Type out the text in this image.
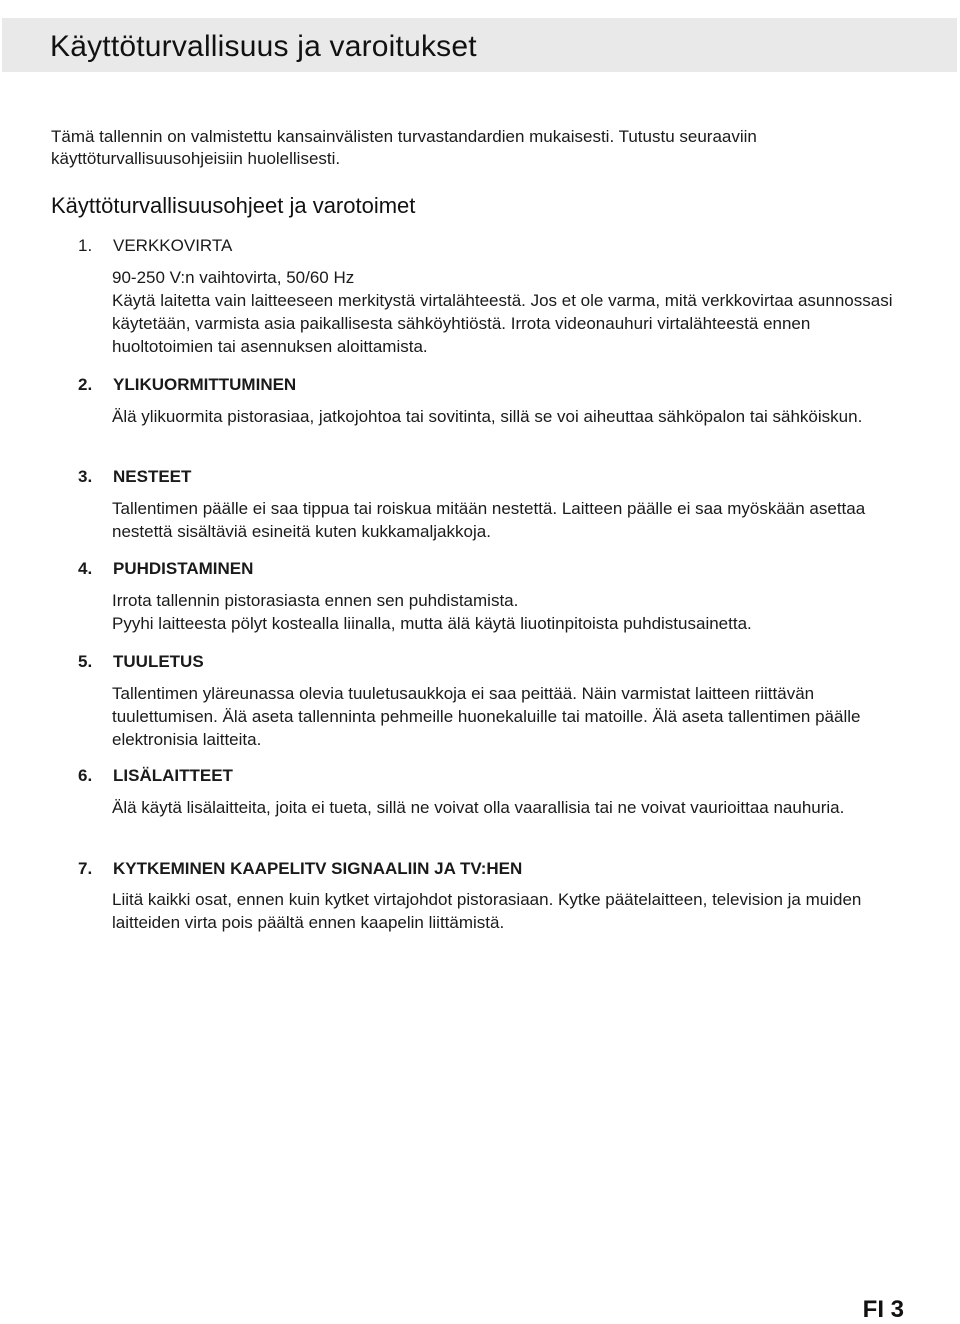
Käyttöturvallisuus ja varoitukset

Tämä tallennin on valmistettu kansainvälisten turvastandardien mukaisesti. Tutustu seuraaviin käyttöturvallisuusohjeisiin huolellisesti.

Käyttöturvallisuusohjeet ja varotoimet
1. VERKKOVIRTA

90-250 V:n vaihtovirta, 50/60 Hz

Käytä laitetta vain laitteeseen merkitystä virtalähteestä. Jos et ole varma, mitä verkkovirtaa asunnossasi käytetään, varmista asia paikallisesta sähköyhtiöstä. Irrota videonauhuri virtalähteestä ennen huoltotoimien tai asennuksen aloittamista.

2. YLIKUORMITTUMINEN

Älä ylikuormita pistorasiaa, jatkojohtoa tai sovitinta, sillä se voi aiheuttaa sähköpalon tai sähköiskun.

3. NESTEET

Tallentimen päälle ei saa tippua tai roiskua mitään nestettä. Laitteen päälle ei saa myöskään asettaa nestettä sisältäviä esineitä kuten kukkamaljakkoja.

4. PUHDISTAMINEN

Irrota tallennin pistorasiasta ennen sen puhdistamista.

Pyyhi laitteesta pölyt kostealla liinalla, mutta älä käytä liuotinpitoista puhdistusainetta.

5. TUULETUS

Tallentimen yläreunassa olevia tuuletusaukkoja ei saa peittää. Näin varmistat laitteen riittävän tuulettumisen. Älä aseta tallenninta pehmeille huonekaluille tai matoille. Älä aseta tallentimen päälle elektronisia laitteita.

6. LISÄLAITTEET

Älä käytä lisälaitteita, joita ei tueta, sillä ne voivat olla vaarallisia tai ne voivat vaurioittaa nauhuria.

7. KYTKEMINEN KAAPELITV SIGNAALIIN JA TV:HEN

Liitä kaikki osat, ennen kuin kytket virtajohdot pistorasiaan. Kytke päätelaitteen, television ja muiden laitteiden virta pois päältä ennen kaapelin liittämistä.

FI 3
